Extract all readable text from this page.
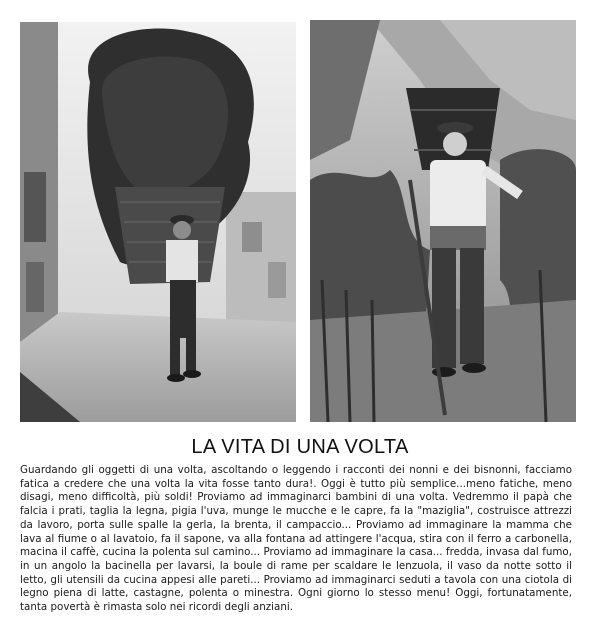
LA VITA DI UNA VOLTA

Guardando gli oggetti di una volta, ascoltando o leggendo i racconti dei nonni e dei bisnonni, facciamo fatica a credere che una volta la vita fosse tanto dura!. Oggi è tutto più semplice...meno fatiche, meno disagi, meno difficoltà, più soldi! Proviamo ad immaginarci bambini di una volta. Vedremmo il papà che falcia i prati, taglia la legna, pigia l'uva, munge le mucche e le capre, fa la "maziglia", costruisce attrezzi da lavoro, porta sulle spalle la gerla, la brenta, il campaccio... Proviamo ad immaginare la mamma che lava al fiume o al lavatoio, fa il sapone, va alla fontana ad attingere l'acqua, stira con il ferro a carbonella, macina il caffè, cucina la polenta sul camino... Proviamo ad immaginare la casa... fredda, invasa dal fumo, in un angolo la bacinella per lavarsi, la boule di rame per scaldare le lenzuola, il vaso da notte sotto il letto, gli utensili da cucina appesi alle pareti... Proviamo ad immaginarci seduti a tavola con una ciotola di legno piena di latte, castagne, polenta o minestra. Ogni giorno lo stesso menu! Oggi, fortunatamente, tanta povertà è rimasta solo nei ricordi degli anziani.
